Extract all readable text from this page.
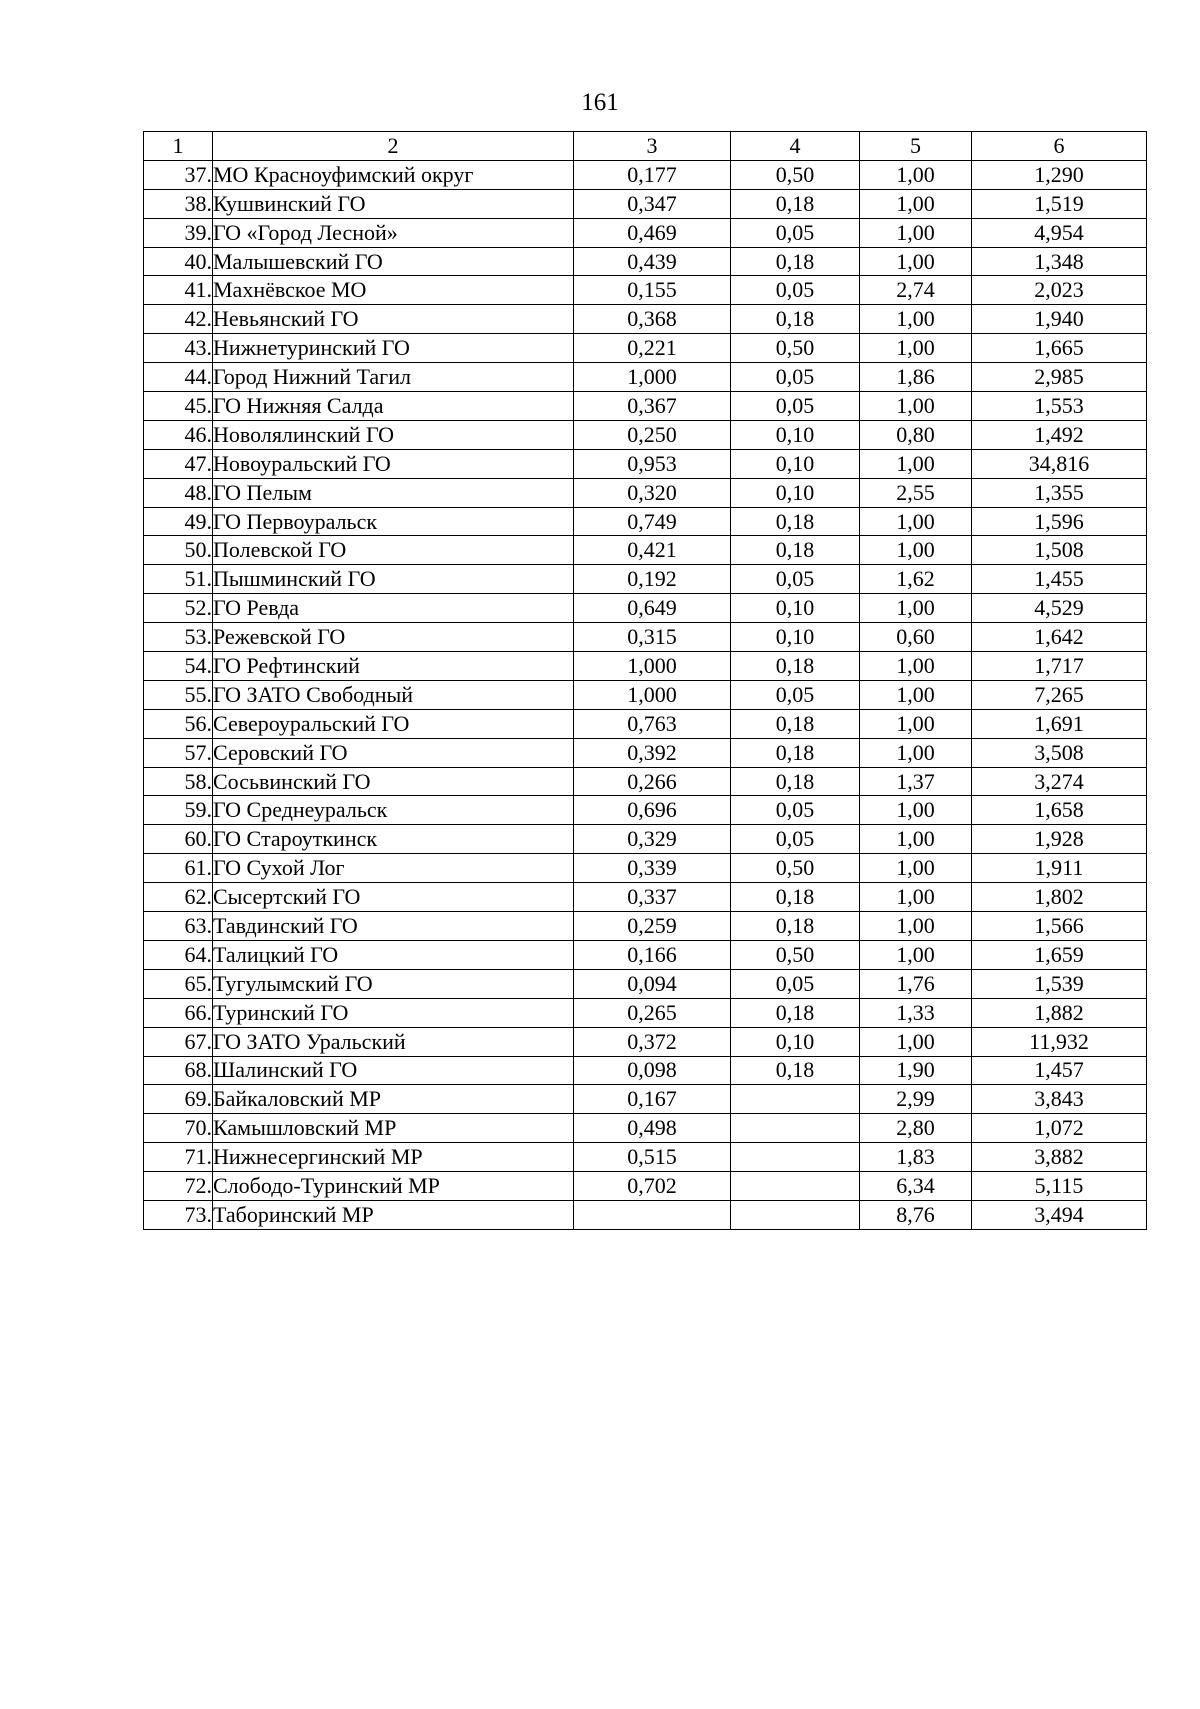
161
1	2	3	4	5	6
37.	МО Красноуфимский округ	0,177	0,50	1,00	1,290
38.	Кушвинский ГО	0,347	0,18	1,00	1,519
39.	ГО «Город Лесной»	0,469	0,05	1,00	4,954
40.	Малышевский ГО	0,439	0,18	1,00	1,348
41.	Махнёвское МО	0,155	0,05	2,74	2,023
42.	Невьянский ГО	0,368	0,18	1,00	1,940
43.	Нижнетуринский ГО	0,221	0,50	1,00	1,665
44.	Город Нижний Тагил	1,000	0,05	1,86	2,985
45.	ГО Нижняя Салда	0,367	0,05	1,00	1,553
46.	Новолялинский ГО	0,250	0,10	0,80	1,492
47.	Новоуральский ГО	0,953	0,10	1,00	34,816
48.	ГО Пелым	0,320	0,10	2,55	1,355
49.	ГО Первоуральск	0,749	0,18	1,00	1,596
50.	Полевской ГО	0,421	0,18	1,00	1,508
51.	Пышминский ГО	0,192	0,05	1,62	1,455
52.	ГО Ревда	0,649	0,10	1,00	4,529
53.	Режевской ГО	0,315	0,10	0,60	1,642
54.	ГО Рефтинский	1,000	0,18	1,00	1,717
55.	ГО ЗАТО Свободный	1,000	0,05	1,00	7,265
56.	Североуральский ГО	0,763	0,18	1,00	1,691
57.	Серовский ГО	0,392	0,18	1,00	3,508
58.	Сосьвинский ГО	0,266	0,18	1,37	3,274
59.	ГО Среднеуральск	0,696	0,05	1,00	1,658
60.	ГО Староуткинск	0,329	0,05	1,00	1,928
61.	ГО Сухой Лог	0,339	0,50	1,00	1,911
62.	Сысертский ГО	0,337	0,18	1,00	1,802
63.	Тавдинский ГО	0,259	0,18	1,00	1,566
64.	Талицкий ГО	0,166	0,50	1,00	1,659
65.	Тугулымский ГО	0,094	0,05	1,76	1,539
66.	Туринский ГО	0,265	0,18	1,33	1,882
67.	ГО ЗАТО Уральский	0,372	0,10	1,00	11,932
68.	Шалинский ГО	0,098	0,18	1,90	1,457
69.	Байкаловский МР	0,167		2,99	3,843
70.	Камышловский МР	0,498		2,80	1,072
71.	Нижнесергинский МР	0,515		1,83	3,882
72.	Слободо-Туринский МР	0,702		6,34	5,115
73.	Таборинский МР			8,76	3,494
